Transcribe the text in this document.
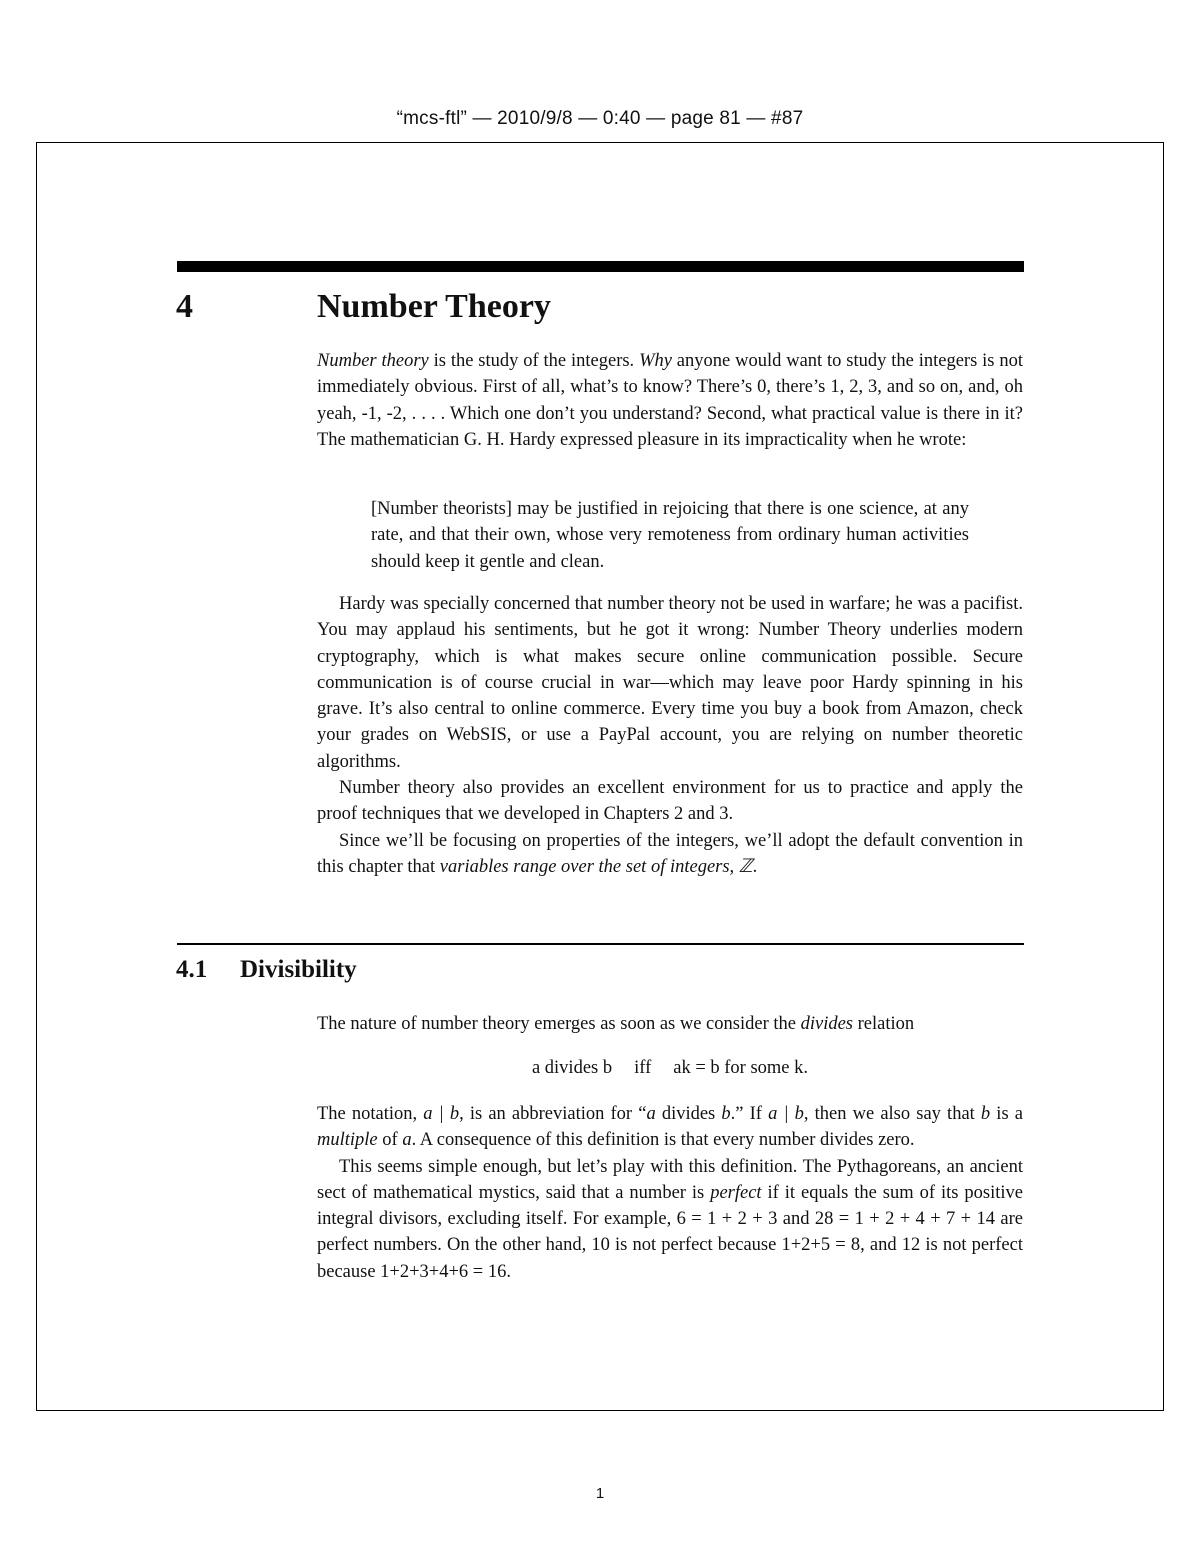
“mcs-ftl” — 2010/9/8 — 0:40 — page 81 — #87
4	Number Theory

Number theory is the study of the integers. Why anyone would want to study the integers is not immediately obvious. First of all, what’s to know? There’s 0, there’s 1, 2, 3, and so on, and, oh yeah, -1, -2, . . . . Which one don’t you understand? Second, what practical value is there in it? The mathematician G. H. Hardy expressed pleasure in its impracticality when he wrote:

[Number theorists] may be justified in rejoicing that there is one science, at any rate, and that their own, whose very remoteness from ordinary human activities should keep it gentle and clean.

Hardy was specially concerned that number theory not be used in warfare; he was a pacifist. You may applaud his sentiments, but he got it wrong: Number Theory underlies modern cryptography, which is what makes secure online communication possible. Secure communication is of course crucial in war—which may leave poor Hardy spinning in his grave. It’s also central to online commerce. Every time you buy a book from Amazon, check your grades on WebSIS, or use a PayPal account, you are relying on number theoretic algorithms.

Number theory also provides an excellent environment for us to practice and apply the proof techniques that we developed in Chapters 2 and 3.

Since we’ll be focusing on properties of the integers, we’ll adopt the default convention in this chapter that variables range over the set of integers, ℤ.

4.1 Divisibility

The nature of number theory emerges as soon as we consider the divides relation

a divides b iff ak = b for some k.

The notation, a | b, is an abbreviation for “a divides b.” If a | b, then we also say that b is a multiple of a. A consequence of this definition is that every number divides zero.

This seems simple enough, but let’s play with this definition. The Pythagoreans, an ancient sect of mathematical mystics, said that a number is perfect if it equals the sum of its positive integral divisors, excluding itself. For example, 6 = 1 + 2 + 3 and 28 = 1 + 2 + 4 + 7 + 14 are perfect numbers. On the other hand, 10 is not perfect because 1+2+5 = 8, and 12 is not perfect because 1+2+3+4+6 = 16.

1
